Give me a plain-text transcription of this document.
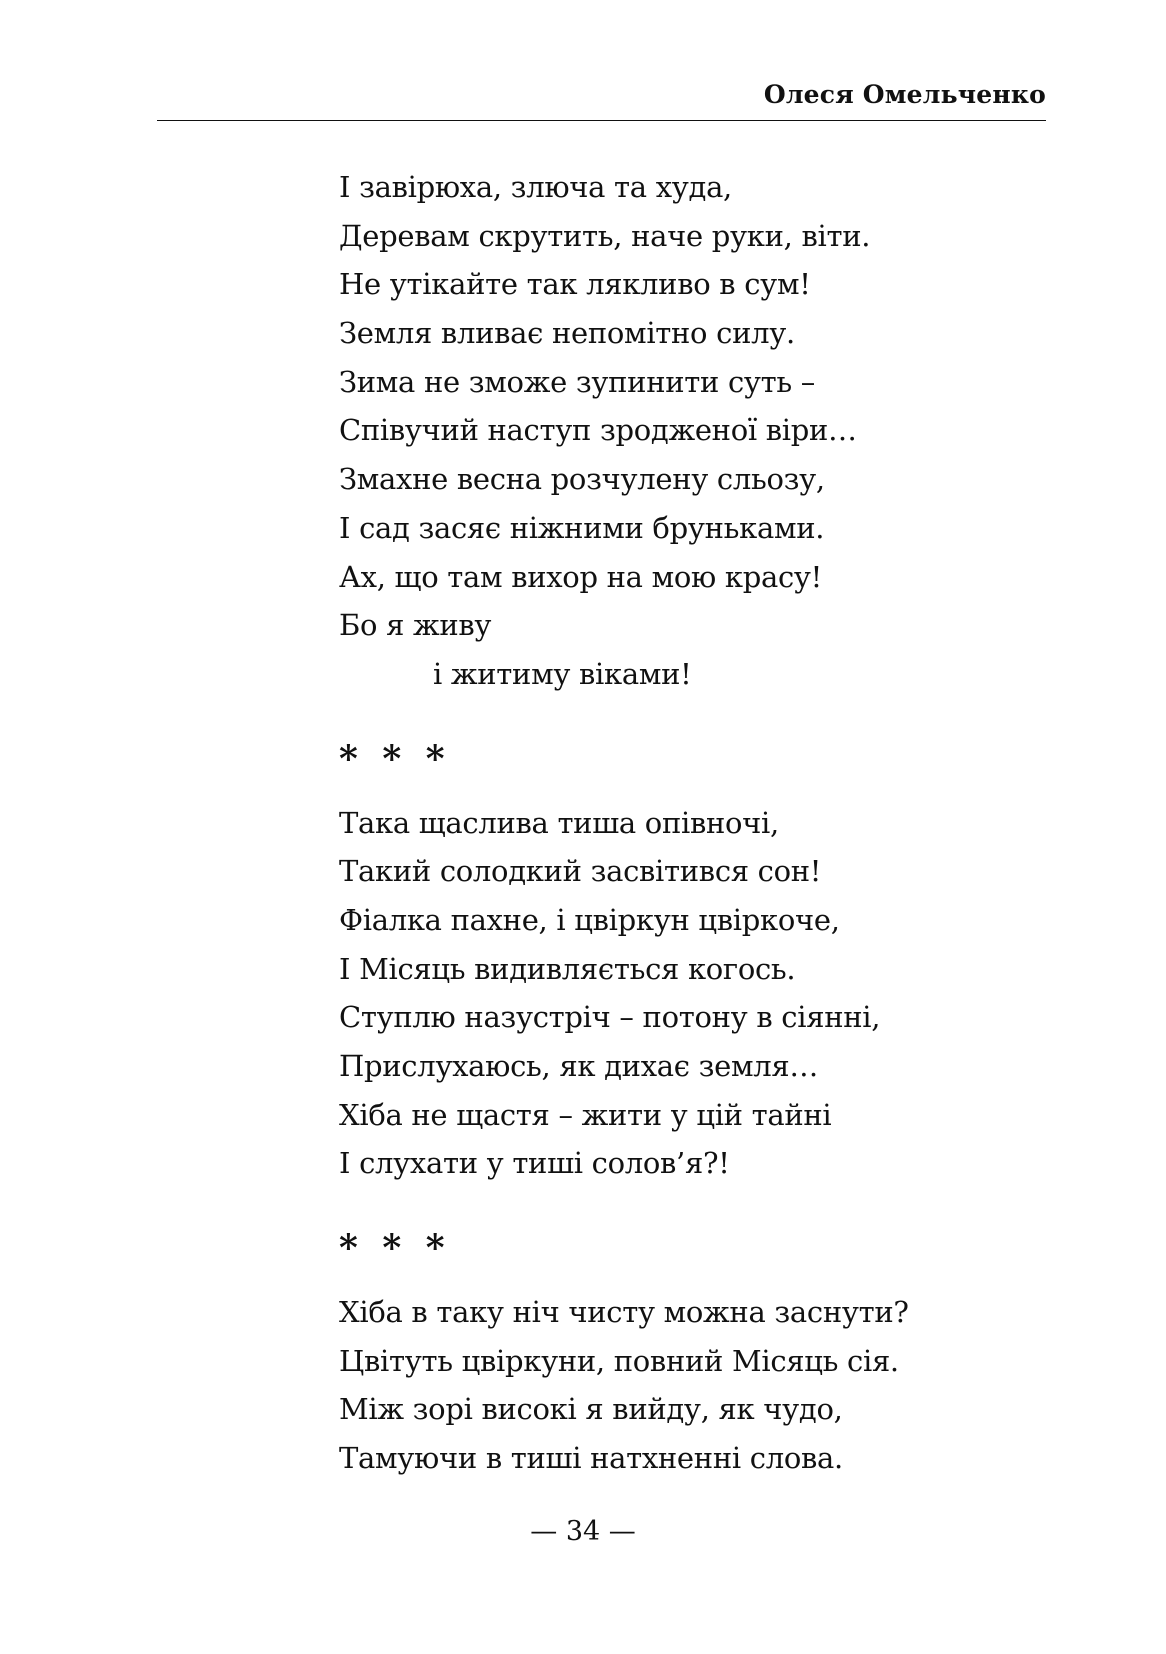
Олеся Омельченко
І завірюха, злюча та худа,
Деревам скрутить, наче руки, віти.
Не утікайте так лякливо в сум!
Земля вливає непомітно силу.
Зима не зможе зупинити суть –
Співучий наступ зродженої віри…
Змахне весна розчулену сльозу,
І сад засяє ніжними бруньками.
Ах, що там вихор на мою красу!
Бо я живу
і житиму віками!
* * *
Така щаслива тиша опівночі,
Такий солодкий засвітився сон!
Фіалка пахне, і цвіркун цвіркоче,
І Місяць видивляється когось.
Ступлю назустріч – потону в сіянні,
Прислухаюсь, як дихає земля…
Хіба не щастя – жити у цій тайні
І слухати у тиші солов’я?!
* * *
Хіба в таку ніч чисту можна заснути?
Цвітуть цвіркуни, повний Місяць сія.
Між зорі високі я вийду, як чудо,
Тамуючи в тиші натхненні слова.
— 34 —
